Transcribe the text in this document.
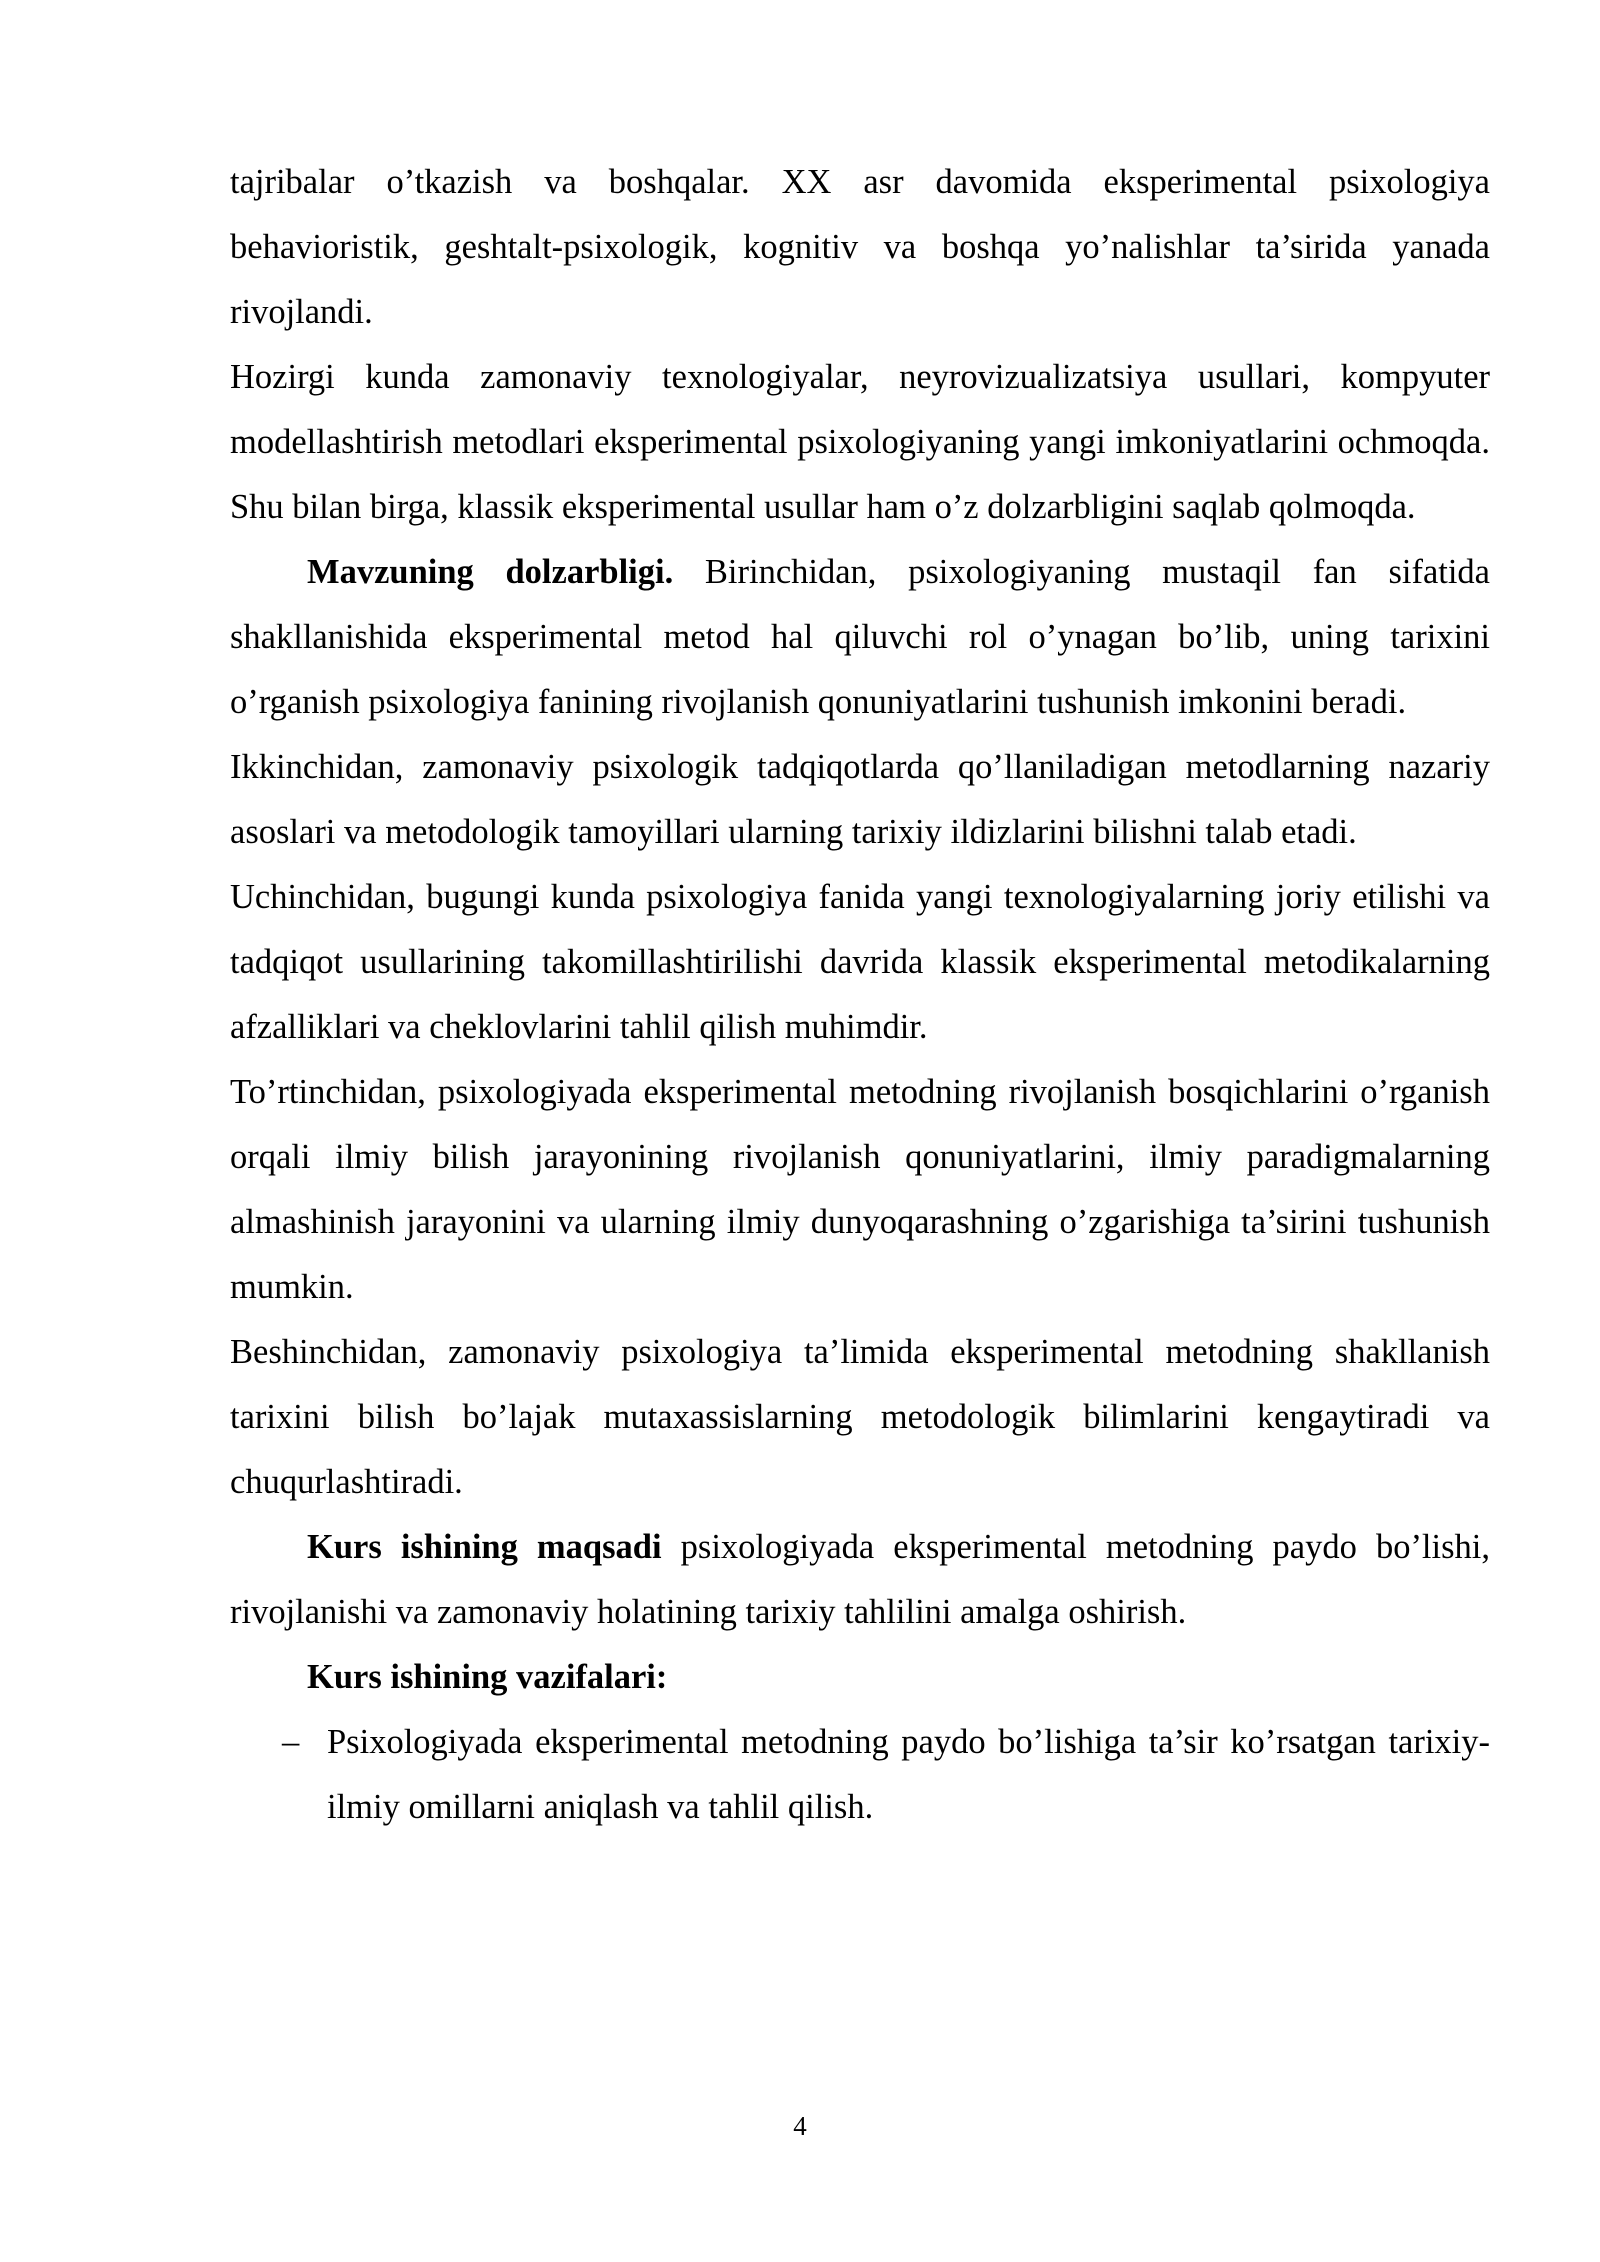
tajribalar o’tkazish va boshqalar. XX asr davomida eksperimental psixologiya behavioristik, geshtalt-psixologik, kognitiv va boshqa yo’nalishlar ta’sirida yanada rivojlandi.

Hozirgi kunda zamonaviy texnologiyalar, neyrovizualizatsiya usullari, kompyuter modellashtirish metodlari eksperimental psixologiyaning yangi imkoniyatlarini ochmoqda. Shu bilan birga, klassik eksperimental usullar ham o’z dolzarbligini saqlab qolmoqda.

Mavzuning dolzarbligi. Birinchidan, psixologiyaning mustaqil fan sifatida shakllanishida eksperimental metod hal qiluvchi rol o’ynagan bo’lib, uning tarixini o’rganish psixologiya fanining rivojlanish qonuniyatlarini tushunish imkonini beradi.

Ikkinchidan, zamonaviy psixologik tadqiqotlarda qo’llaniladigan metodlarning nazariy asoslari va metodologik tamoyillari ularning tarixiy ildizlarini bilishni talab etadi.

Uchinchidan, bugungi kunda psixologiya fanida yangi texnologiyalarning joriy etilishi va tadqiqot usullarining takomillashtirilishi davrida klassik eksperimental metodikalarning afzalliklari va cheklovlarini tahlil qilish muhimdir.

To’rtinchidan, psixologiyada eksperimental metodning rivojlanish bosqichlarini o’rganish orqali ilmiy bilish jarayonining rivojlanish qonuniyatlarini, ilmiy paradigmalarning almashinish jarayonini va ularning ilmiy dunyoqarashning o’zgarishiga ta’sirini tushunish mumkin.

Beshinchidan, zamonaviy psixologiya ta’limida eksperimental metodning shakllanish tarixini bilish bo’lajak mutaxassislarning metodologik bilimlarini kengaytiradi va chuqurlashtiradi.

Kurs ishining maqsadi psixologiyada eksperimental metodning paydo bo’lishi, rivojlanishi va zamonaviy holatining tarixiy tahlilini amalga oshirish.

Kurs ishining vazifalari:

– Psixologiyada eksperimental metodning paydo bo’lishiga ta’sir ko’rsatgan tarixiy-ilmiy omillarni aniqlash va tahlil qilish.

4
